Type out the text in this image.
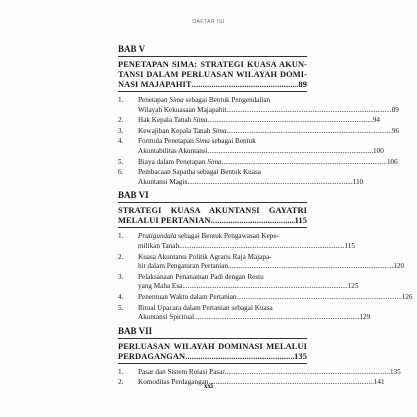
DAFTAR ISI
BAB V
PENETAPAN SIMA: STRATEGI KUASA AKUN-
TANSI DALAM PERLUASAN WILAYAH DOMI-
NASI MAJAPAHIT .....	89
1.	Penetapan Sima sebagai Bentuk Pengendalian
Wilayah Kekuasaan Majapahit .....	89
2.	Hak Kepala Tanah Sima .....	94
3.	Kewajiban Kepala Tanah Sima .....	96
4.	Formula Penetapan Sima sebagai Bentuk
Akuntabilitas Akuntansi .....	100
5.	Biaya dalam Penetapan Sima .....	106
6.	Pembacaan Sapatha sebagai Bentuk Kuasa
Akuntansi Magis .....	110
BAB VI
STRATEGI KUASA AKUNTANSI GAYATRI
MELALUI PERTANIAN .....	115
1.	Pratigundala sebagai Bentuk Pengawasan Kepe-
milikan Tanah .....	115
2.	Kuasa Akuntansi Politik Agraris Raja Majapa-
hit dalam Pengaturan Pertanian .....	120
3.	Pelaksanaan Penanaman Padi dengan Restu
yang Maha Esa .....	125
4.	Penentuan Waktu dalam Pertanian .....	126
5.	Ritual Upacara dalam Pertanian sebagai Kuasa
Akuntansi Spiritual .....	129
BAB VII
PERLUASAN WILAYAH DOMINASI MELALUI
PERDAGANGAN .....	135
1.	Pasar dan Sistem Rotasi Pasar .....	135
2.	Komoditas Perdagangan .....	141
xxi
